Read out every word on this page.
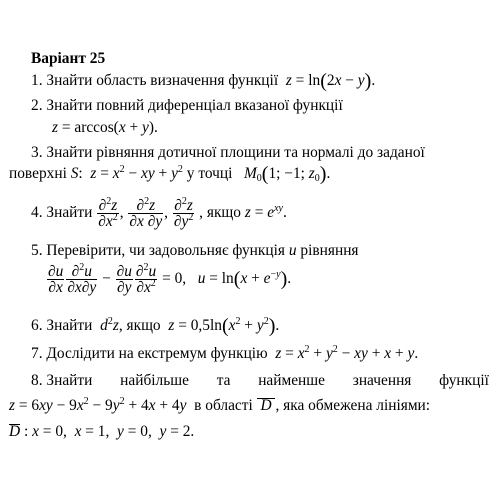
Варіант 25
1. Знайти область визначення функції z = ln(2x − y).
2. Знайти повний диференціал вказаної функції
z = arccos(x + y).
3. Знайти рівняння дотичної площини та нормалі до заданої
поверхні S:  $z = x^2$ − xy + $y^2$ у точці $M_0(1$; −1; $z_0$).
4. Знайти $\frac{\partial^2z}{\partial x^2}$ , $\frac{\partial^2z}{\partial x \partial y}$ , $\frac{\partial^2z}{\partial y^2}$ , якщо $z = e^{xy}$.
5. Перевірити, чи задовольняє функція u рівняння
$\frac{\partial u}{\partial x} \frac{\partial^2u}{\partial x\partial y} - \frac{\partial u}{\partial y} \frac{\partial^2u}{\partial x^2} = 0$,   $u = \ln(x + e^{-y})$.
6. Знайти $d^2z$, якщо $z = 0,5\ln(x^2 + y^2)$.
7. Дослідити на екстремум функцію $z = x^2 + y^2$ − xy + x + y.
8. Знайти найбільше та найменше значення функції
$z = 6xy - 9x^2 - 9y^2 + 4x + 4y$ в області D , яка обмежена лініями:
D : x = 0,  x = 1,  y = 0,  y = 2.
